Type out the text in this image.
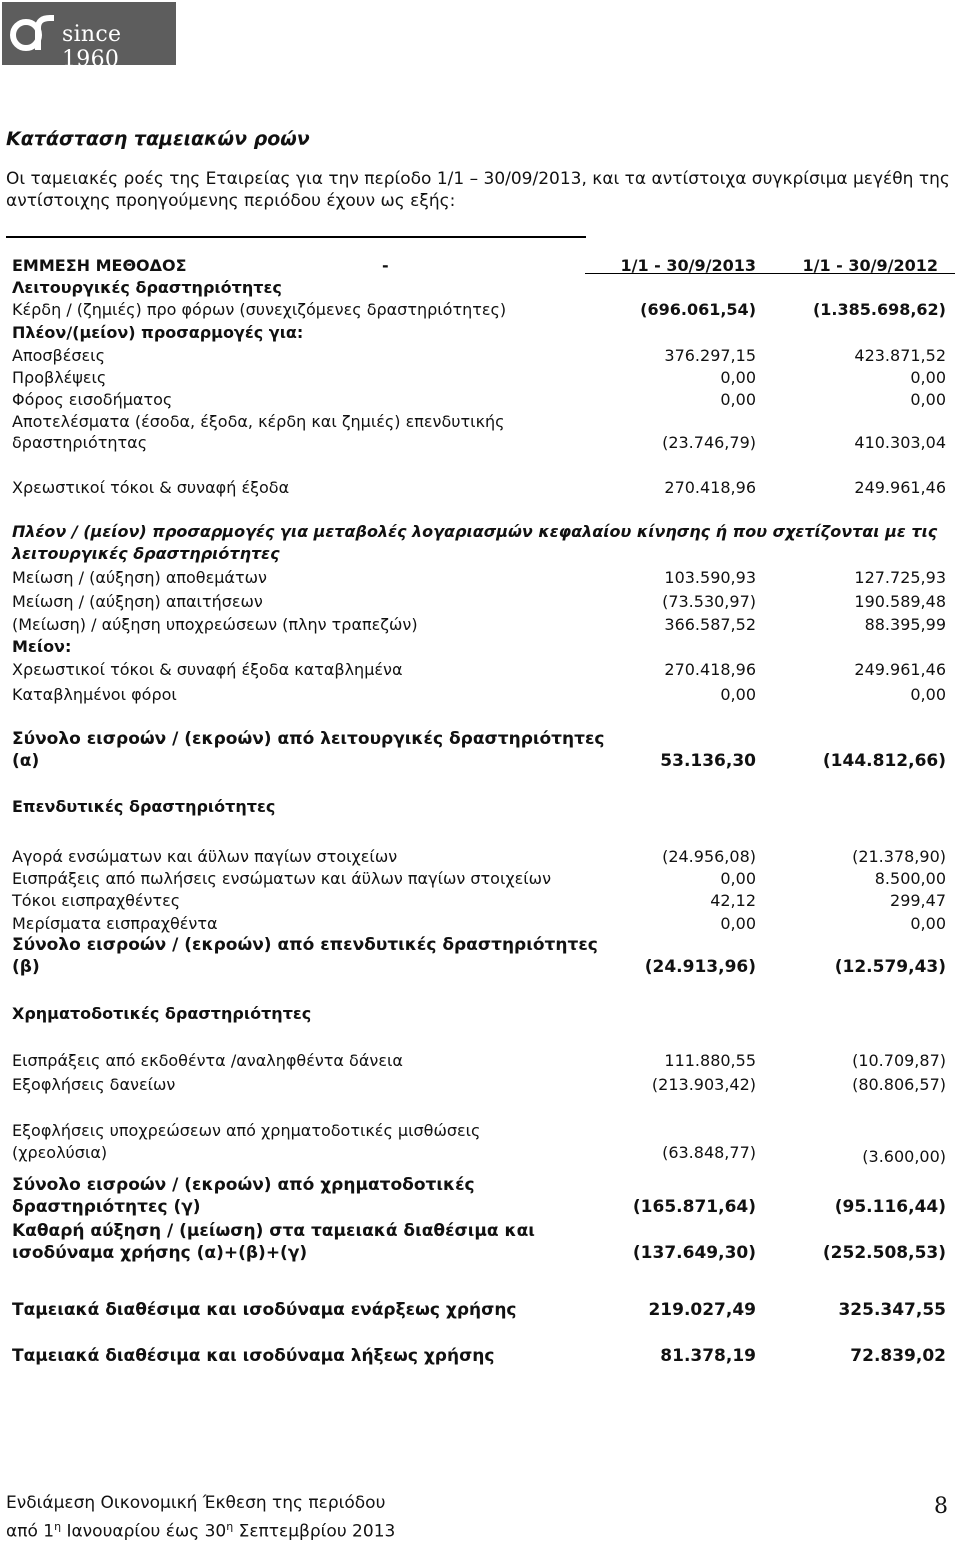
since 1960
Κατάσταση ταμειακών ροών
Οι ταμειακές ροές της Εταιρείας για την περίοδο 1/1 – 30/09/2013, και τα αντίστοιχα συγκρίσιμα μεγέθη της αντίστοιχης προηγούμενης περιόδου έχουν ως εξής:
ΕΜΜΕΣΗ ΜΕΘΟΔΟΣ	-	1/1 - 30/9/2013	1/1 - 30/9/2012
Λειτουργικές δραστηριότητες
Κέρδη / (ζημιές) προ φόρων (συνεχιζόμενες δραστηριότητες)	(696.061,54)	(1.385.698,62)
Πλέον/(μείον) προσαρμογές για:
Αποσβέσεις	376.297,15	423.871,52
Προβλέψεις	0,00	0,00
Φόρος εισοδήματος	0,00	0,00
Αποτελέσματα (έσοδα, έξοδα, κέρδη και ζημιές) επενδυτικής
δραστηριότητας	(23.746,79)	410.303,04
Χρεωστικοί τόκοι & συναφή έξοδα	270.418,96	249.961,46
Πλέον / (μείον) προσαρμογές για μεταβολές λογαριασμών κεφαλαίου κίνησης ή που σχετίζονται με τις
λειτουργικές δραστηριότητες
Μείωση / (αύξηση) αποθεμάτων	103.590,93	127.725,93
Μείωση / (αύξηση) απαιτήσεων	(73.530,97)	190.589,48
(Μείωση) / αύξηση υποχρεώσεων (πλην τραπεζών)	366.587,52	88.395,99
Μείον:
Χρεωστικοί τόκοι & συναφή έξοδα καταβλημένα	270.418,96	249.961,46
Καταβλημένοι φόροι	0,00	0,00
Σύνολο εισροών / (εκροών) από λειτουργικές δραστηριότητες
(α)	53.136,30	(144.812,66)
Επενδυτικές δραστηριότητες
Αγορά ενσώματων και άϋλων παγίων στοιχείων	(24.956,08)	(21.378,90)
Εισπράξεις από πωλήσεις ενσώματων και άϋλων παγίων στοιχείων	0,00	8.500,00
Τόκοι εισπραχθέντες	42,12	299,47
Μερίσματα εισπραχθέντα	0,00	0,00
Σύνολο εισροών / (εκροών) από επενδυτικές δραστηριότητες
(β)	(24.913,96)	(12.579,43)
Χρηματοδοτικές δραστηριότητες
Εισπράξεις από εκδοθέντα /αναληφθέντα δάνεια	111.880,55	(10.709,87)
Εξοφλήσεις δανείων	(213.903,42)	(80.806,57)
Εξοφλήσεις υποχρεώσεων από χρηματοδοτικές μισθώσεις
(χρεολύσια)	(63.848,77)	(3.600,00)
Σύνολο εισροών / (εκροών) από χρηματοδοτικές
δραστηριότητες (γ)	(165.871,64)	(95.116,44)
Καθαρή αύξηση / (μείωση) στα ταμειακά διαθέσιμα και
ισοδύναμα χρήσης (α)+(β)+(γ)	(137.649,30)	(252.508,53)
Ταμειακά διαθέσιμα και ισοδύναμα ενάρξεως χρήσης	219.027,49	325.347,55
Ταμειακά διαθέσιμα και ισοδύναμα λήξεως χρήσης	81.378,19	72.839,02
Ενδιάμεση Οικονομική Έκθεση της περιόδου
από $1^\eta$ Ιανουαρίου έως $30^\eta$ Σεπτεμβρίου 2013
8
